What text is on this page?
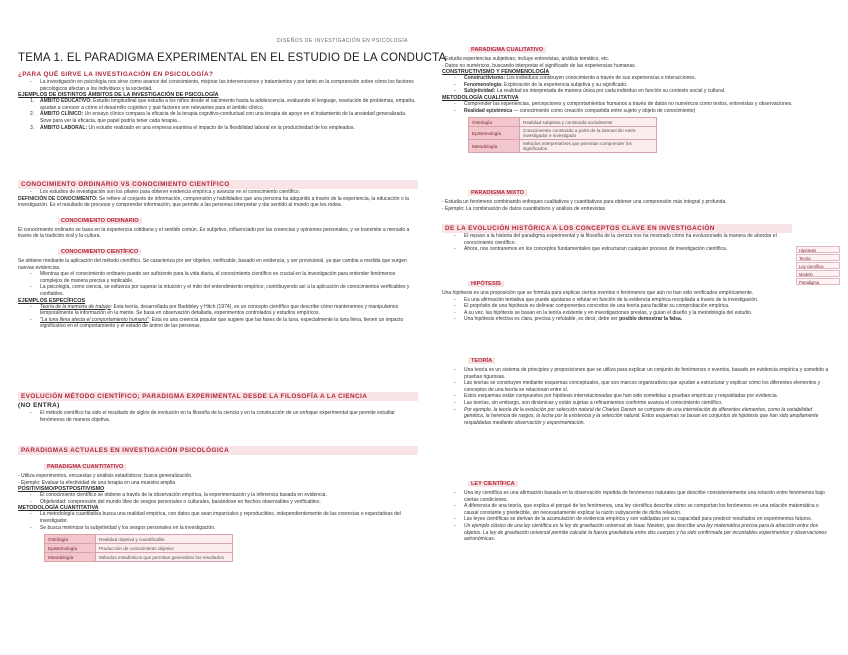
DISEÑOS DE INVESTIGACIÓN EN PSICOLOGÍA
TEMA 1. EL PARADIGMA EXPERIMENTAL EN EL ESTUDIO DE LA CONDUCTA
¿PARA QUÉ SIRVE LA INVESTIGACIÓN EN PSICOLOGÍA?
- La investigación en psicología nos sirve como avance del conocimiento, mejorar las intervenciones y tratamientos y por tanto en la comprensión sobre cómo los factores psicológicos afectan a los individuos y la sociedad.
EJEMPLOS DE DISTINTOS ÁMBITOS DE LA INVESTIGACIÓN DE PSICOLOGÍA
1. ÁMBITO EDUCATIVO: Estudio longitudinal que estudia a los niños desde el nacimiento hasta la adolescencia, evaluando el lenguaje, resolución de problemas, empatía, ayudan a conocer a cómo el desarrollo cognitivo y qué factores son relevantes para el ámbito clínico.
2. ÁMBITO CLÍNICO: Un ensayo clínico compara la eficacia de la terapia cognitivo-conductual con una terapia de apoyo en el tratamiento de la ansiedad generalizada. Sirve para ver la eficacia, que papel podría tener cada terapia...
3. ÁMBITO LABORAL: Un estudio realizado en una empresa examina el impacto de la flexibilidad laboral en la productividad de los empleados.
CONOCIMIENTO ORDINARIO VS CONOCIMIENTO CIENTÍFICO
- Los estudios de investigación son los pilares para obtener evidencia empírica y avanzar en el conocimiento científico.
DEFINICIÓN DE CONOCIMIENTO: Se refiere al conjunto de información, comprensión y habilidades que una persona ha adquirido a través de la experiencia, la educación o la investigación. Es el resultado de procesar y comprender información, que permite a las personas interpretar y dar sentido al mundo que les rodea.
CONOCIMIENTO ORDINARIO
El conocimiento ordinario se basa en la experiencia cotidiana y el sentido común. Es subjetivo, influenciado por las creencias y opiniones personales, y se transmite a menudo a través de la tradición oral y la cultura.
CONOCIMIENTO CIENTÍFICO
Se obtiene mediante la aplicación del método científico. Se caracteriza por ser objetivo, verificable, basado en evidencia, y ser provisional, ya que cambia a medida que surgen nuevas evidencias.
- Mientras que el conocimiento ordinario puede ser suficiente para la vida diaria, el conocimiento científico es crucial en la investigación para entender fenómenos complejos de manera precisa y replicable.
- La psicología, como ciencia, se esfuerza por superar la intuición y el mito del entendimiento empírico, contribuyendo así a la aplicación de conocimientos verificables y confiables.
EJEMPLOS ESPECÍFICOS
- Teoría de la memoria de trabajo: Esta teoría, desarrollada por Baddeley y Hitch (1974), es un concepto científico que describe cómo mantenemos y manipulamos temporalmente la información en la mente. Se basa en observación detallada, experimentos controlados y estudios empíricos.
- "La luna llena afecta el comportamiento humano": Esta es una creencia popular que sugiere que las fases de la luna, especialmente la luna llena, tienen un impacto significativo en el comportamiento y el estado de ánimo de las personas.
EVOLUCIÓN MÉTODO CIENTÍFICO; PARADIGMA EXPERIMENTAL DESDE LA FILOSOFÍA A LA CIENCIA
(NO ENTRA)
- El método científico ha sido el resultado de siglos de evolución en la filosofía de la ciencia y en la construcción de un enfoque experimental que permite estudiar fenómenos de manera objetiva.
PARADIGMAS ACTUALES EN INVESTIGACIÓN PSICOLÓGICA
PARADIGMA CUANTITATIVO
- Utiliza experimentos, encuestas y análisis estadísticos; busca generalización.
- Ejemplo: Evaluar la efectividad de una terapia en una muestra amplia
POSITIVISMO/POSTPOSITIVISMO
- El conocimiento científico se obtiene a través de la observación empírica, la experimentación y la inferencia basada en evidencia.
- Objetividad: comprensión del mundo libre de sesgos personales o culturales, basándose en hechos observables y verificables.
METODOLOGÍA CUANTITATIVA
- La metodología cuantitativa busca una realidad empírica, con datos que sean imparciales y reproducibles, independientemente de las creencias o expectativas del investigador.
- Se busca minimizar la subjetividad y los sesgos personales en la investigación.
Ontología	Realidad objetiva y cuantificable
Epistemología	Producción de conocimiento objetivo
Metodología	Métodos estadísticos que permitan generalizar los resultados
PARADIGMA CUALITATIVO
- Estudia experiencias subjetivas; incluye entrevistas, análisis temático, etc.
- Datos no numéricos, buscando interpretar el significado de las experiencias humanas.
CONSTRUCTIVISMO Y FENOMENOLOGÍA
- Constructivismo: Los individuos construyen conocimiento a través de sus experiencias e interacciones.
- Fenomenología: Exploración de la experiencia subjetiva y su significado.
- Subjetividad: La realidad es interpretada de manera única por cada individuo en función su contexto social y cultural.
METODOLOGÍA CUALITATIVA
- Comprender las experiencias, percepciones y comportamientos humanos a través de datos no numéricos como textos, entrevistas y observaciones.
- Realidad epistémica — conocimiento como creación compartida entre sujeto y objeto de conocimiento)
Ontología	Realidad subjetiva y construida socialmente
Epistemología	Conocimiento construido a partir de la interacción entre investigador e investigado
Metodología	Métodos interpretativos que permitan comprender los significados
PARADIGMA MIXTO
- Estudia un fenómeno combinando enfoques cualitativos y cuantitativos para obtener una comprensión más integral y profunda.
- Ejemplo: La combinación de datos cuantitativos y análisis de entrevistas
DE LA EVOLUCIÓN HISTÓRICA A LOS CONCEPTOS CLAVE EN INVESTIGACIÓN
- El repaso a la historia del paradigma experimental y la filosofía de la ciencia nos ha mostrado cómo ha evolucionado la manera de abordar el conocimiento científico.
- Ahora, nos centraremos en los conceptos fundamentales que estructuran cualquier proceso de investigación científica.	Hipótesis
Teoría
Ley científica
Modelo
Paradigma
HIPÓTESIS
Una hipótesis es una proposición que se formula para explicar ciertos eventos o fenómenos que aún no han sido verificados empíricamente.
- Es una afirmación tentativa que puede ajustarse o refutar en función de la evidencia empírica recopilada a través de la investigación.
- El propósito de una hipótesis es delinear componentes concretos de una teoría para facilitar su comprobación empírica.
- A su vez, las hipótesis se basan en la teoría existente y en investigaciones previas, y guían el diseño y la metodología del estudio.
- Una hipótesis efectiva es clara, precisa y refutable, es decir, debe ser posible demostrar la falsa.
TEORÍA
- Una teoría es un sistema de principios y proposiciones que se utiliza para explicar un conjunto de fenómenos o eventos, basado en evidencia empírica y sometido a pruebas rigurosas.
- Las teorías se construyen mediante esquemas conceptuales, que son marcos organizativos que ayudan a estructurar y explicar cómo los diferentes elementos y conceptos de una teoría se relacionan entre sí.
- Estos esquemas están compuestos por hipótesis interrelacionadas que han sido sometidas a pruebas empíricas y respaldadas por evidencia.
- Las teorías, sin embargo, son dinámicas y están sujetas a refinamientos conforme avanza el conocimiento científico.
- Por ejemplo, la teoría de la evolución por selección natural de Charles Darwin se compone de una interrelación de diferentes elementos, como la variabilidad genética, la herencia de rasgos, la lucha por la existencia y la selección natural. Estos esquemas se basan en conjuntos de hipótesis que han sido ampliamente respaldadas mediante observación y experimentación.
LEY CIENTÍFICA
- Una ley científica es una afirmación basada en la observación repetida de fenómenos naturales que describe consistentemente una relación entre fenómenos bajo ciertas condiciones.
- A diferencia de una teoría, que explica el porqué de los fenómenos, una ley científica describe cómo se comportan los fenómenos en una relación matemática o causal constante y predecible, sin necesariamente explicar la razón subyacente de dicha relación.
- Las leyes científicas se derivan de la acumulación de evidencia empírica y son validadas por su capacidad para predecir resultados en experimentos futuros.
- Un ejemplo clásico de una ley científica es la ley de gravitación universal de Isaac Newton, que describe una ley matemática precisa para la atracción entre dos objetos. La ley de gravitación universal permite calcular la fuerza gravitatoria entre dos cuerpos y ha sido confirmada por incontables experimentos y observaciones astronómicas.
